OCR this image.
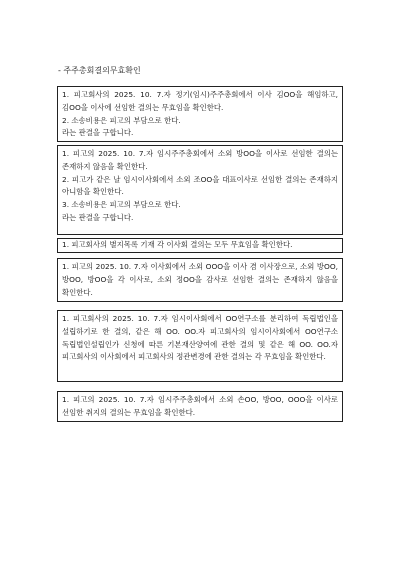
- 주주총회결의무효확인

1. 피고회사의 2025. 10. 7.자 정기(임시)주주총회에서 이사 김OO을 해임하고, 김OO을 이사에 선임한 결의는 무효임을 확인한다.

2. 소송비용은 피고의 부담으로 한다.

라는 판결을 구합니다.

1. 피고의 2025. 10. 7.자 임시주주총회에서 소외 방OO을 이사로 선임한 결의는 존재하지 않음을 확인한다.

2. 피고가 같은 날 임시이사회에서 소외 조OO을 대표이사로 선임한 결의는 존재하지 아니함을 확인한다.

3. 소송비용은 피고의 부담으로 한다.

라는 판결을 구합니다.

1. 피고회사의 별지목록 기재 각 이사회 결의는 모두 무효임을 확인한다.

1. 피고의 2025. 10. 7.자 이사회에서 소외 OOO을 이사 겸 이사장으로, 소외 방OO, 방OO, 방OO을 각 이사로, 소외 정OO을 감사로 선임한 결의는 존재하지 않음을 확인한다.

1. 피고회사의 2025. 10. 7.자 임시이사회에서 OO연구소를 분리하여 독립법인을 설립하기로 한 결의, 같은 해 OO. OO.자 피고회사의 임시이사회에서 OO연구소 독립법인설립인가 신청에 따른 기본재산양여에 관한 결의 및 같은 해 OO. OO.자 피고회사의 이사회에서 피고회사의 정관변경에 관한 결의는 각 무효임을 확인한다.

1. 피고의 2025. 10. 7.자 임시주주총회에서 소외 손OO, 방OO, OOO을 이사로 선임한 취지의 결의는 무효임을 확인한다.
